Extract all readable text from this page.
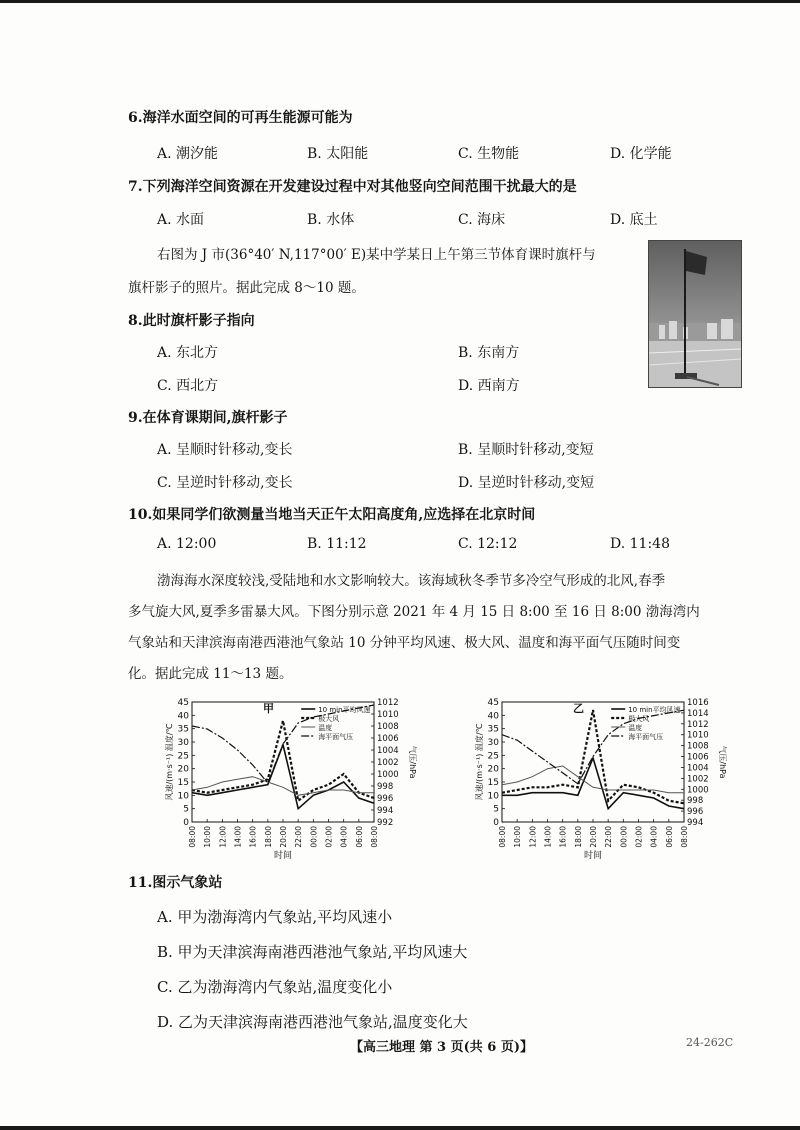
6.海洋水面空间的可再生能源可能为
A. 潮汐能	B. 太阳能	C. 生物能	D. 化学能
7.下列海洋空间资源在开发建设过程中对其他竖向空间范围干扰最大的是
A. 水面	B. 水体	C. 海床	D. 底土
右图为 J 市(36°40′ N,117°00′ E)某中学某日上午第三节体育课时旗杆与
旗杆影子的照片。据此完成 8～10 题。
8.此时旗杆影子指向
A. 东北方	B. 东南方
C. 西北方	D. 西南方
9.在体育课期间,旗杆影子
A. 呈顺时针移动,变长	B. 呈顺时针移动,变短
C. 呈逆时针移动,变长	D. 呈逆时针移动,变短
10.如果同学们欲测量当地当天正午太阳高度角,应选择在北京时间
A. 12:00	B. 11:12	C. 12:12	D. 11:48
渤海海水深度较浅,受陆地和水文影响较大。该海域秋冬季节多冷空气形成的北风,春季
多气旋大风,夏季多雷暴大风。下图分别示意 2021 年 4 月 15 日 8:00 至 16 日 8:00 渤海湾内
气象站和天津滨海南港西港池气象站 10 分钟平均风速、极大风、温度和海平面气压随时间变
化。据此完成 11～13 题。
0
5
10
15
20
25
30
35
40
45
992
994
996
998
1000
1002
1004
1006
1008
1010
1012
08:00 10:00 12:00 14:00 16:00 18:00 20:00 22:00 00:00 02:00 04:00 06:00 08:00
时间
风速/(m·s⁻¹) 温度/℃	气压/hPa
甲	10 min平均风速
极大风
温度
海平面气压
0
5
10
15
20
25
30
35
40
45
994
996
998
1000
1002
1004
1006
1008
1010
1012
1014
1016
08:00 10:00 12:00 14:00 16:00 18:00 20:00 22:00 00:00 02:00 04:00 06:00 08:00
时间
风速/(m·s⁻¹) 温度/℃	气压/hPa
乙	10 min平均风速
极大风
温度
海平面气压
11.图示气象站
A. 甲为渤海湾内气象站,平均风速小
B. 甲为天津滨海南港西港池气象站,平均风速大
C. 乙为渤海湾内气象站,温度变化小
D. 乙为天津滨海南港西港池气象站,温度变化大
【高三地理 第 3 页(共 6 页)】	24-262C
